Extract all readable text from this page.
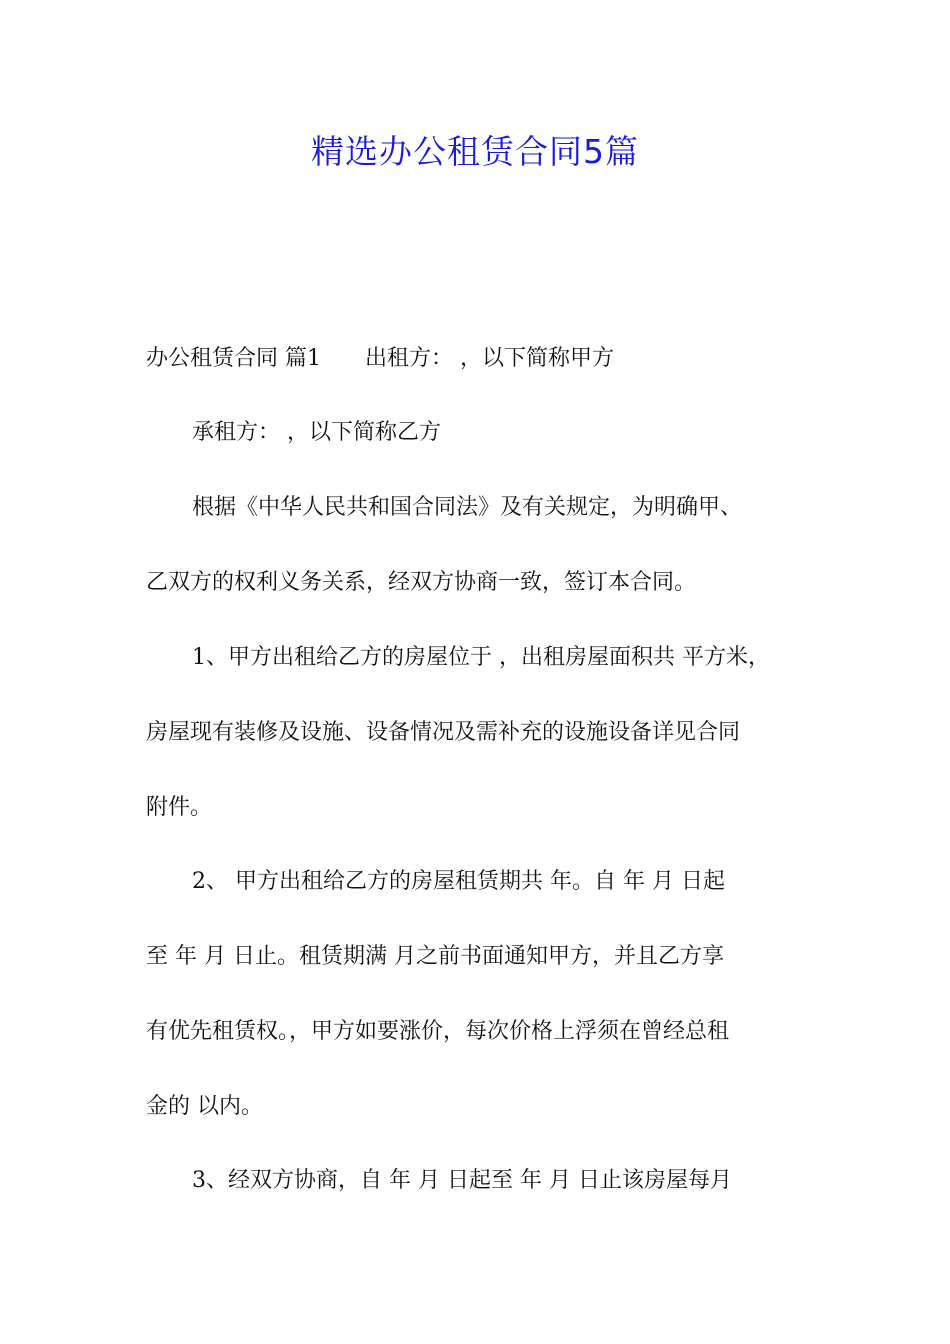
精选办公租赁合同5篇

办公租赁合同 篇1 出租方： ，以下简称甲方

承租方： ，以下简称乙方

根据《中华人民共和国合同法》及有关规定，为明确甲、

乙双方的权利义务关系，经双方协商一致，签订本合同。

1、甲方出租给乙方的房屋位于 ，出租房屋面积共 平方米，

房屋现有装修及设施、设备情况及需补充的设施设备详见合同

附件。

2、 甲方出租给乙方的房屋租赁期共 年。自 年 月 日起

至 年 月 日止。租赁期满 月之前书面通知甲方，并且乙方享

有优先租赁权。，甲方如要涨价，每次价格上浮须在曾经总租

金的 以内。

3、经双方协商，自 年 月 日起至 年 月 日止该房屋每月
